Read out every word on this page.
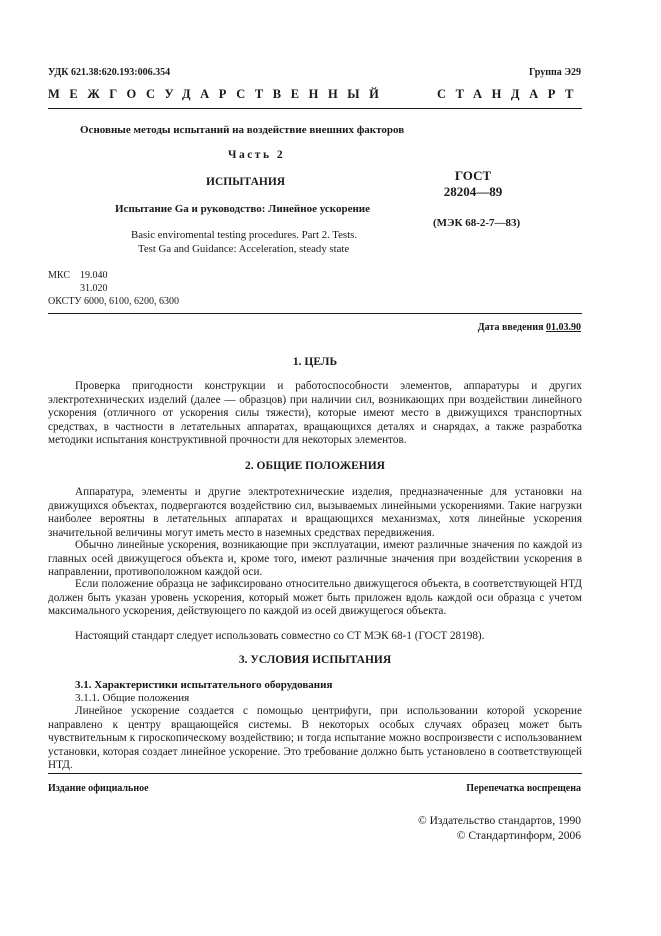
УДК 621.38:620.193:006.354	Группа Э29
МЕЖГОСУДАРСТВЕННЫЙ	СТАНДАРТ
Основные методы испытаний на воздействие внешних факторов
Часть 2
ИСПЫТАНИЯ
Испытание Ga и руководство: Линейное ускорение
Basic enviromental testing procedures. Part 2. Tests.
Test Ga and Guidance: Acceleration, steady state
ГОСТ
28204—89
(МЭК 68-2-7—83)
МКС 19.040
31.020
ОКСТУ 6000, 6100, 6200, 6300
Дата введения 01.03.90
1. ЦЕЛЬ
Проверка пригодности конструкции и работоспособности элементов, аппаратуры и других электротехнических изделий (далее — образцов) при наличии сил, возникающих при воздействии линейного ускорения (отличного от ускорения силы тяжести), которые имеют место в движущихся транспортных средствах, в частности в летательных аппаратах, вращающихся деталях и снарядах, а также разработка методики испытания конструктивной прочности для некоторых элементов.
2. ОБЩИЕ ПОЛОЖЕНИЯ
Аппаратура, элементы и другие электротехнические изделия, предназначенные для установки на движущихся объектах, подвергаются воздействию сил, вызываемых линейными ускорениями. Такие нагрузки наиболее вероятны в летательных аппаратах и вращающихся механизмах, хотя линейные ускорения значительной величины могут иметь место в наземных средствах передвижения.
Обычно линейные ускорения, возникающие при эксплуатации, имеют различные значения по каждой из главных осей движущегося объекта и, кроме того, имеют различные значения при воздействии ускорения в направлении, противоположном каждой оси.
Если положение образца не зафиксировано относительно движущегося объекта, в соответствующей НТД должен быть указан уровень ускорения, который может быть приложен вдоль каждой оси образца с учетом максимального ускорения, действующего по каждой из осей движущегося объекта.
Настоящий стандарт следует использовать совместно со СТ МЭК 68-1 (ГОСТ 28198).
3. УСЛОВИЯ ИСПЫТАНИЯ
3.1. Характеристики испытательного оборудования
3.1.1. Общие положения
Линейное ускорение создается с помощью центрифуги, при использовании которой ускорение направлено к центру вращающейся системы. В некоторых особых случаях образец может быть чувствительным к гироскопическому воздействию; и тогда испытание можно воспроизвести с использованием установки, которая создает линейное ускорение. Это требование должно быть установлено в соответствующей НТД.
Издание официальное	Перепечатка воспрещена
© Издательство стандартов, 1990
© Стандартинформ, 2006
